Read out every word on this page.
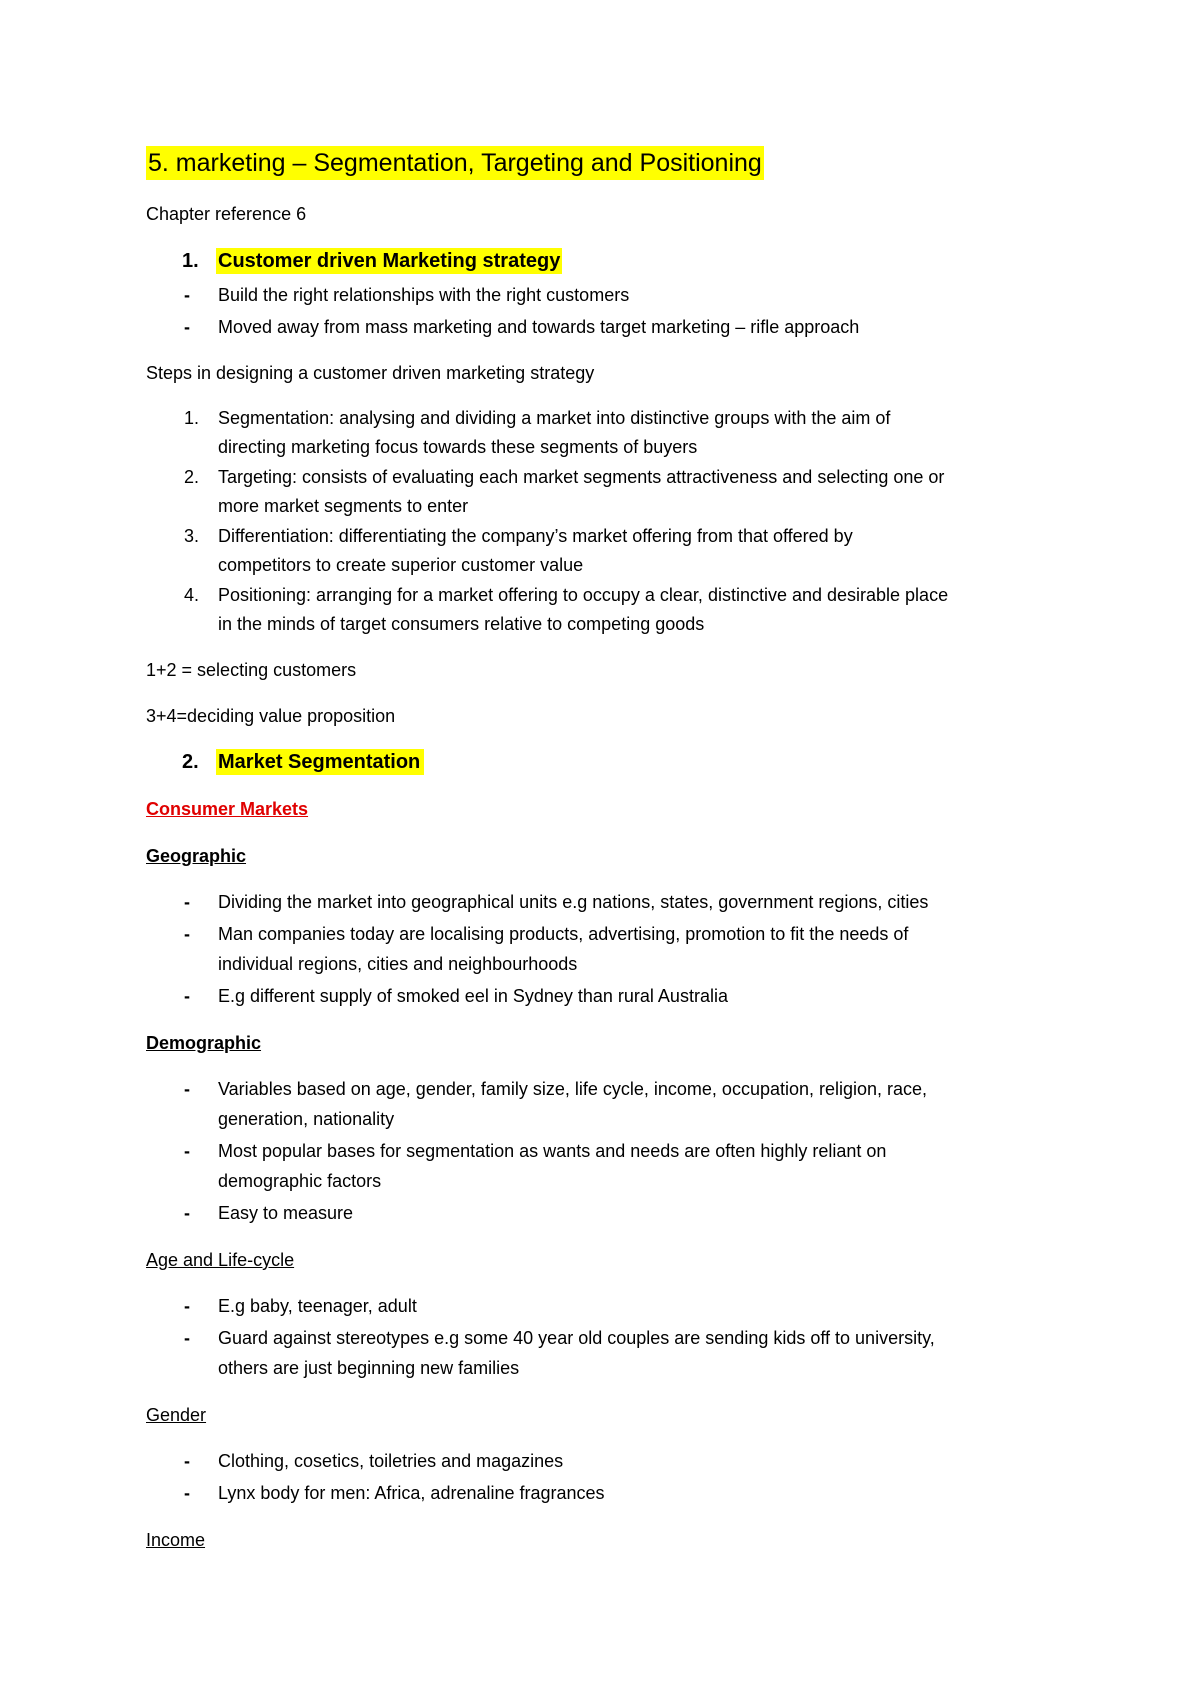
5. marketing – Segmentation, Targeting and Positioning
Chapter reference 6
1. Customer driven Marketing strategy
- Build the right relationships with the right customers
- Moved away from mass marketing and towards target marketing – rifle approach
Steps in designing a customer driven marketing strategy
1. Segmentation: analysing and dividing a market into distinctive groups with the aim of
directing marketing focus towards these segments of buyers
2. Targeting: consists of evaluating each market segments attractiveness and selecting one or
more market segments to enter
3. Differentiation: differentiating the company’s market offering from that offered by
competitors to create superior customer value
4. Positioning: arranging for a market offering to occupy a clear, distinctive and desirable place
in the minds of target consumers relative to competing goods
1+2 = selecting customers
3+4=deciding value proposition
2. Market Segmentation
Consumer Markets
Geographic
- Dividing the market into geographical units e.g nations, states, government regions, cities
- Man companies today are localising products, advertising, promotion to fit the needs of
individual regions, cities and neighbourhoods
- E.g different supply of smoked eel in Sydney than rural Australia
Demographic
- Variables based on age, gender, family size, life cycle, income, occupation, religion, race,
generation, nationality
- Most popular bases for segmentation as wants and needs are often highly reliant on
demographic factors
- Easy to measure
Age and Life-cycle
- E.g baby, teenager, adult
- Guard against stereotypes e.g some 40 year old couples are sending kids off to university,
others are just beginning new families
Gender
- Clothing, cosetics, toiletries and magazines
- Lynx body for men: Africa, adrenaline fragrances
Income
